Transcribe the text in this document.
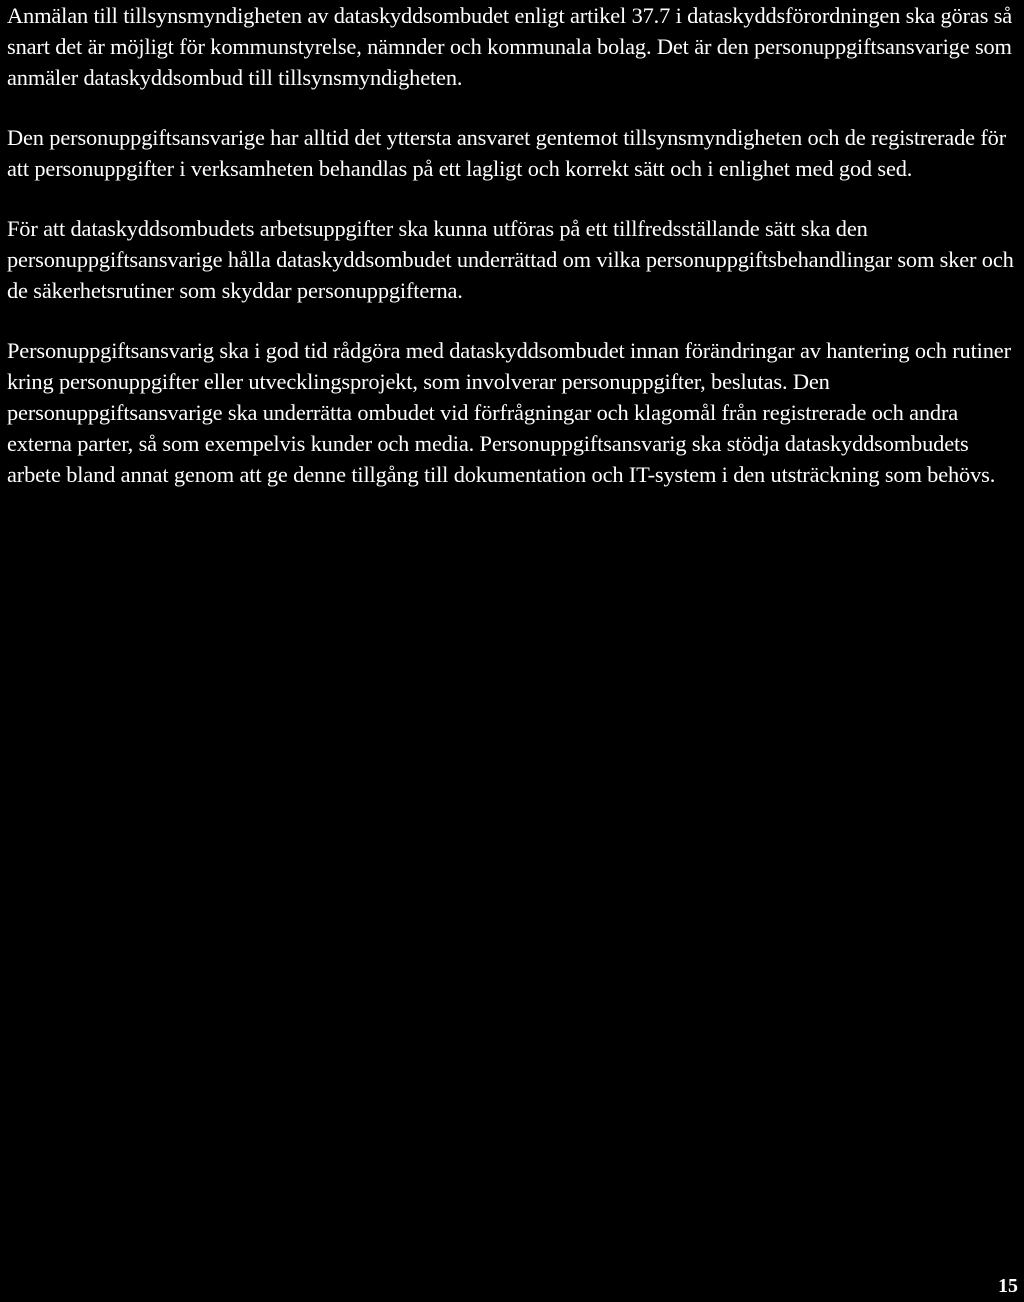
Anmälan till tillsynsmyndigheten av dataskyddsombudet enligt artikel 37.7 i dataskyddsförordningen ska göras så snart det är möjligt för kommunstyrelse, nämnder och kommunala bolag. Det är den personuppgiftsansvarige som anmäler dataskyddsombud till tillsynsmyndigheten.

Den personuppgiftsansvarige har alltid det yttersta ansvaret gentemot tillsynsmyndigheten och de registrerade för att personuppgifter i verksamheten behandlas på ett lagligt och korrekt sätt och i enlighet med god sed.

För att dataskyddsombudets arbetsuppgifter ska kunna utföras på ett tillfredsställande sätt ska den personuppgiftsansvarige hålla dataskyddsombudet underrättad om vilka personuppgiftsbehandlingar som sker och de säkerhetsrutiner som skyddar personuppgifterna.

Personuppgiftsansvarig ska i god tid rådgöra med dataskyddsombudet innan förändringar av hantering och rutiner kring personuppgifter eller utvecklingsprojekt, som involverar personuppgifter, beslutas. Den personuppgiftsansvarige ska underrätta ombudet vid förfrågningar och klagomål från registrerade och andra externa parter, så som exempelvis kunder och media. Personuppgiftsansvarig ska stödja dataskyddsombudets arbete bland annat genom att ge denne tillgång till dokumentation och IT-system i den utsträckning som behövs.

15
